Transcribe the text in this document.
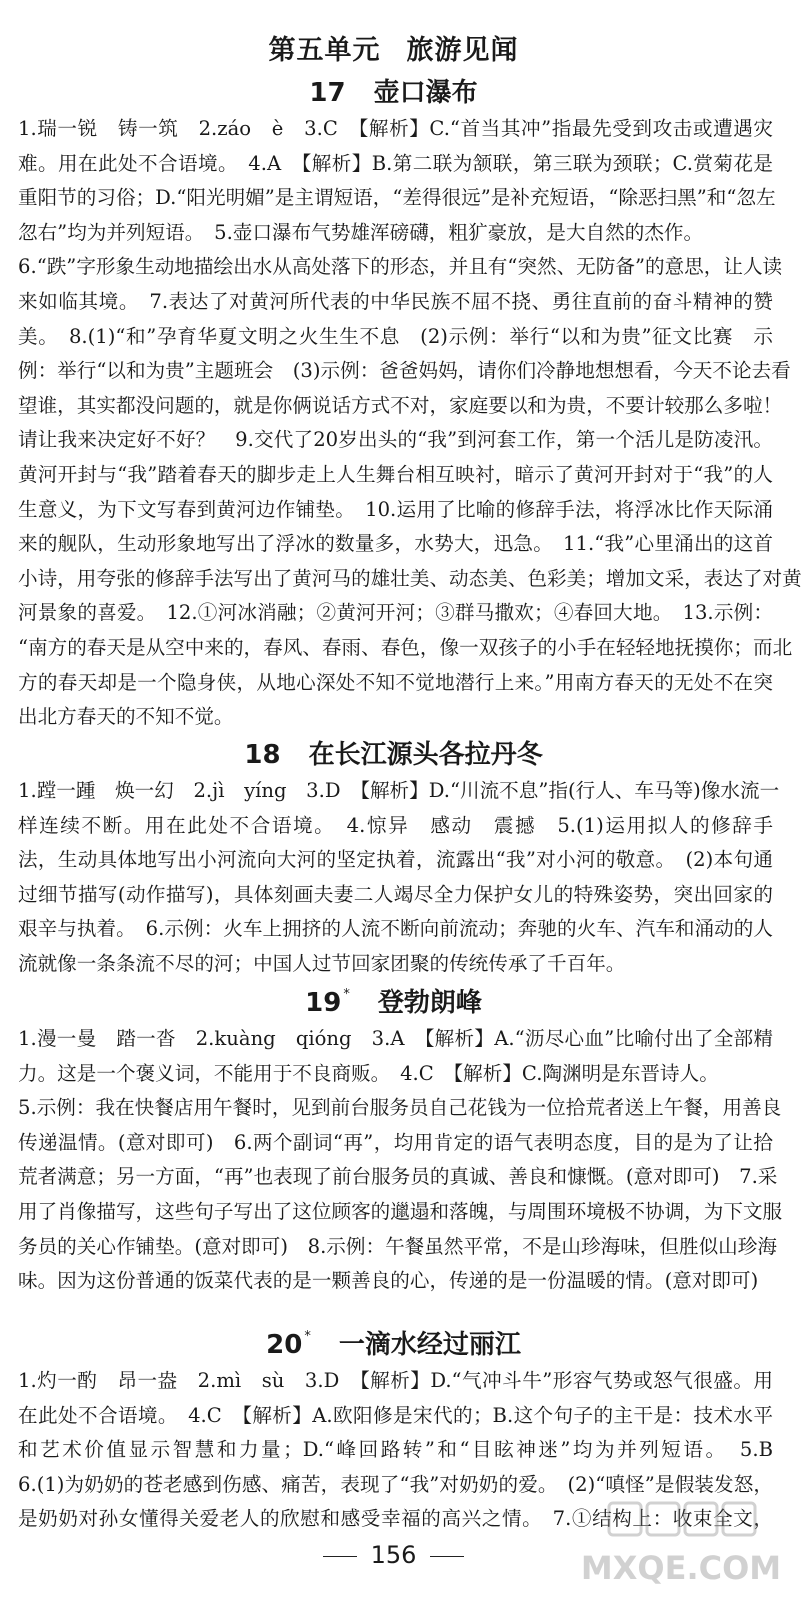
第五单元 旅游见闻
17 壶口瀑布
1.瑞一锐　铸一筑　2.záo　è　3.C　【解析】C.“首当其冲”指最先受到攻击或遭遇灾
难。用在此处不合语境。　4.A　【解析】B.第二联为颔联，第三联为颈联；C.赏菊花是
重阳节的习俗；D.“阳光明媚”是主谓短语，“差得很远”是补充短语，“除恶扫黑”和“忽左
忽右”均为并列短语。　5.壶口瀑布气势雄浑磅礴，粗犷豪放，是大自然的杰作。
6.“跌”字形象生动地描绘出水从高处落下的形态，并且有“突然、无防备”的意思，让人读
来如临其境。　7.表达了对黄河所代表的中华民族不屈不挠、勇往直前的奋斗精神的赞
美。　8.(1)“和”孕育华夏文明之火生生不息　(2)示例：举行“以和为贵”征文比赛　示
例：举行“以和为贵”主题班会　(3)示例：爸爸妈妈，请你们冷静地想想看，今天不论去看
望谁，其实都没问题的，就是你俩说话方式不对，家庭要以和为贵，不要计较那么多啦！
请让我来决定好不好？　9.交代了20岁出头的“我”到河套工作，第一个活儿是防凌汛。
黄河开封与“我”踏着春天的脚步走上人生舞台相互映衬，暗示了黄河开封对于“我”的人
生意义，为下文写春到黄河边作铺垫。　10.运用了比喻的修辞手法，将浮冰比作天际涌
来的舰队，生动形象地写出了浮冰的数量多，水势大，迅急。　11.“我”心里涌出的这首
小诗，用夸张的修辞手法写出了黄河马的雄壮美、动态美、色彩美；增加文采，表达了对黄
河景象的喜爱。　12.①河冰消融；②黄河开河；③群马撒欢；④春回大地。　13.示例：
“南方的春天是从空中来的，春风、春雨、春色，像一双孩子的小手在轻轻地抚摸你；而北
方的春天却是一个隐身侠，从地心深处不知不觉地潜行上来。”用南方春天的无处不在突
出北方春天的不知不觉。
18 在长江源头各拉丹冬
1.蹚一踵　焕一幻　2.jì　yíng　3.D　【解析】D.“川流不息”指(行人、车马等)像水流一
样连续不断。用在此处不合语境。　4.惊异　感动　震撼　5.(1)运用拟人的修辞手
法，生动具体地写出小河流向大河的坚定执着，流露出“我”对小河的敬意。　(2)本句通
过细节描写(动作描写)，具体刻画夫妻二人竭尽全力保护女儿的特殊姿势，突出回家的
艰辛与执着。　6.示例：火车上拥挤的人流不断向前流动；奔驰的火车、汽车和涌动的人
流就像一条条流不尽的河；中国人过节回家团聚的传统传承了千百年。
19 * 登勃朗峰
1.漫一曼　踏一沓　2.kuàng　qióng　3.A　【解析】A.“沥尽心血”比喻付出了全部精
力。这是一个褒义词，不能用于不良商贩。　4.C　【解析】C.陶渊明是东晋诗人。
5.示例：我在快餐店用午餐时，见到前台服务员自己花钱为一位拾荒者送上午餐，用善良
传递温情。(意对即可)　6.两个副词“再”，均用肯定的语气表明态度，目的是为了让拾
荒者满意；另一方面，“再”也表现了前台服务员的真诚、善良和慷慨。(意对即可)　7.采
用了肖像描写，这些句子写出了这位顾客的邋遢和落魄，与周围环境极不协调，为下文服
务员的关心作铺垫。(意对即可)　8.示例：午餐虽然平常，不是山珍海味，但胜似山珍海
味。因为这份普通的饭菜代表的是一颗善良的心，传递的是一份温暖的情。(意对即可)
20 * 一滴水经过丽江
1.灼一酌　昂一盎　2.mì　sù　3.D　【解析】D.“气冲斗牛”形容气势或怒气很盛。用
在此处不合语境。　4.C　【解析】A.欧阳修是宋代的；B.这个句子的主干是：技术水平
和艺术价值显示智慧和力量；D.“峰回路转”和“目眩神迷”均为并列短语。　5.B
6.(1)为奶奶的苍老感到伤感、痛苦，表现了“我”对奶奶的爱。　(2)“嗔怪”是假装发怒，
是奶奶对孙女懂得关爱老人的欣慰和感受幸福的高兴之情。　7.①结构上：收束全文，
156	MXQE.COM
